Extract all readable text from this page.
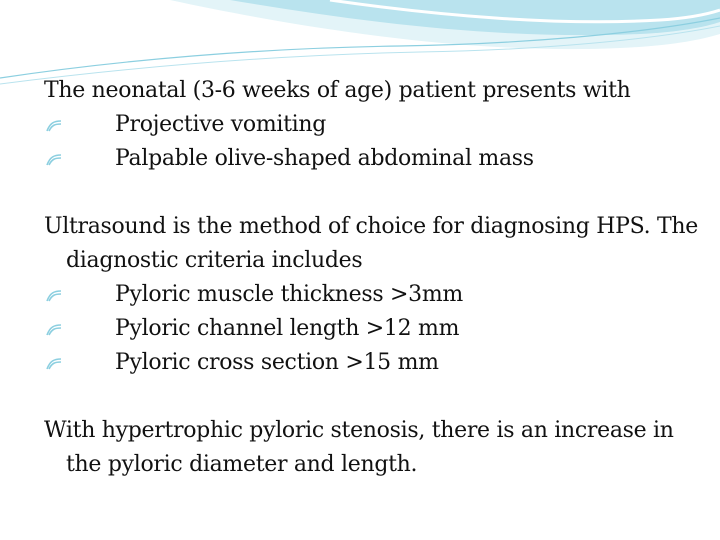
The neonatal (3-6 weeks of age) patient presents with

Projective vomiting

Palpable olive-shaped abdominal mass

Ultrasound is the method of choice for diagnosing HPS. The diagnostic criteria includes

Pyloric muscle thickness >3mm

Pyloric channel length >12 mm

Pyloric cross section >15 mm

With hypertrophic pyloric stenosis, there is an increase in the pyloric diameter and length.
